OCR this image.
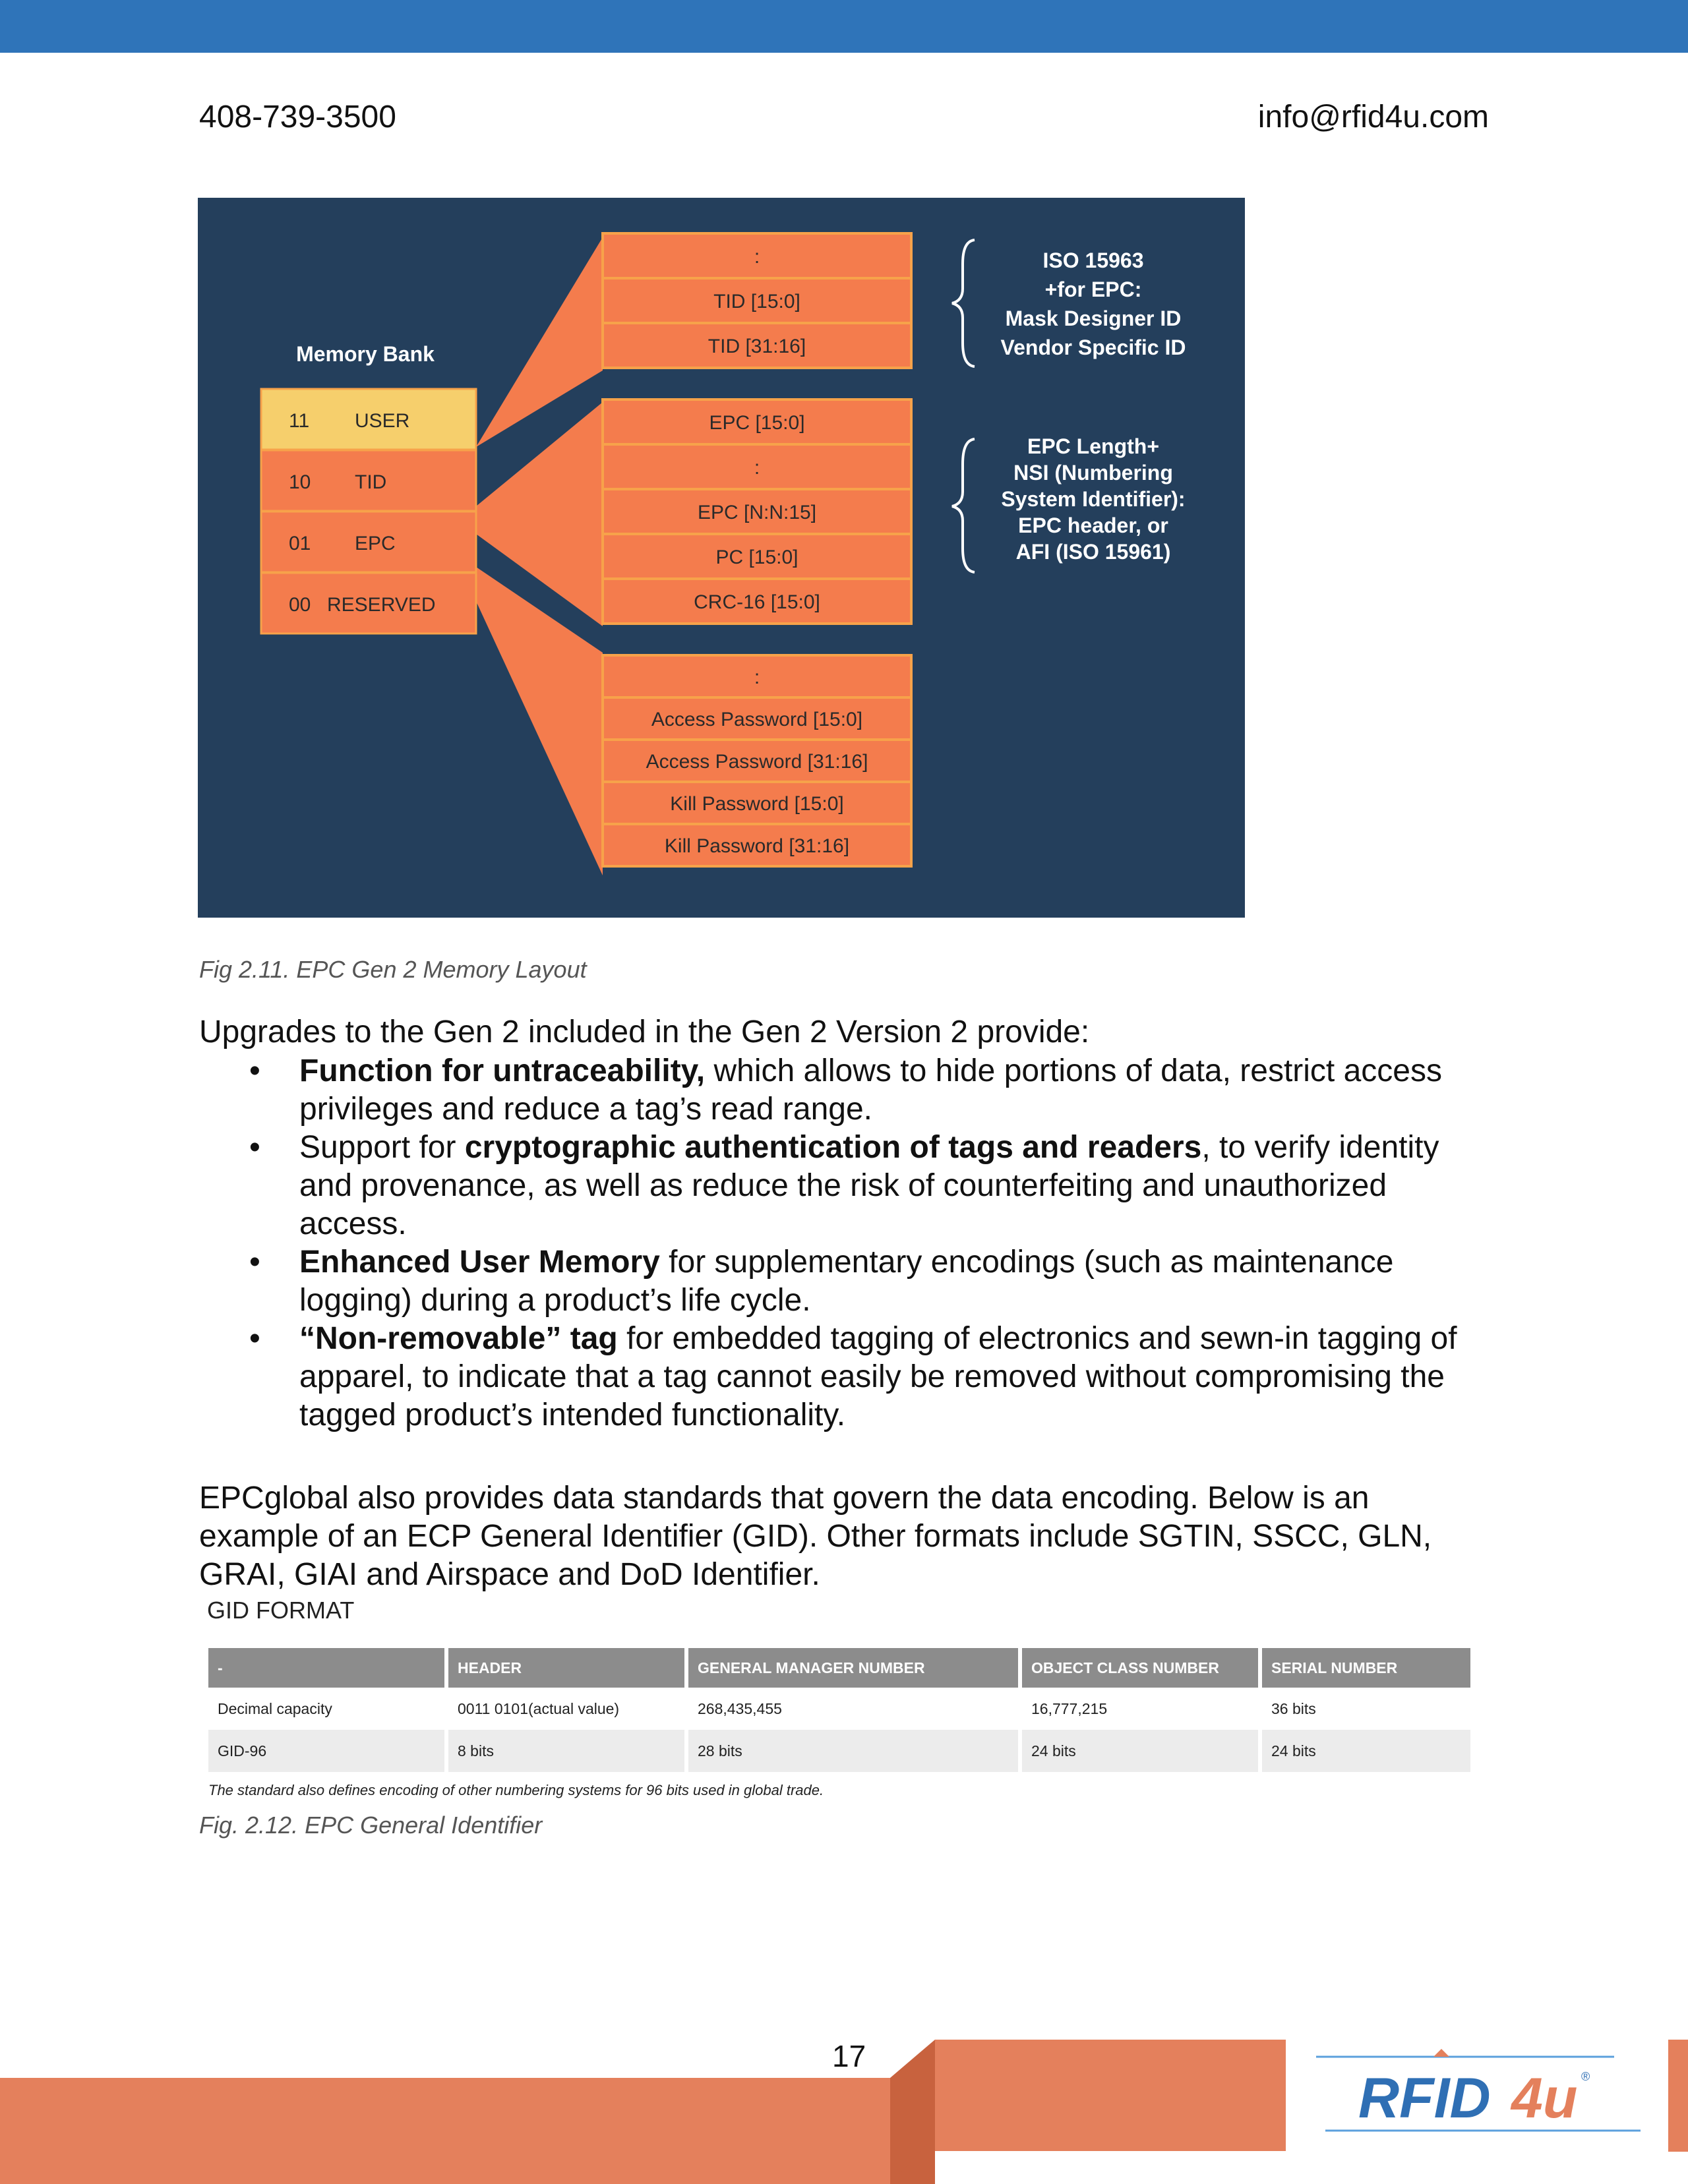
408-739-3500	info@rfid4u.com
Memory Bank
11 USER
10 TID
01 EPC
00 RESERVED
:
TID [15:0]
TID [31:16]
EPC [15:0]
:
EPC [N:N:15]
PC [15:0]
CRC-16 [15:0]
:
Access Password [15:0]
Access Password [31:16]
Kill Password [15:0]
Kill Password [31:16]
ISO 15963
+for EPC:
Mask Designer ID
Vendor Specific ID
EPC Length+
NSI (Numbering
System Identifier):
EPC header, or
AFI (ISO 15961)
Fig 2.11. EPC Gen 2 Memory Layout
Upgrades to the Gen 2 included in the Gen 2 Version 2 provide:
• Function for untraceability, which allows to hide portions of data, restrict access privileges and reduce a tag’s read range.
• Support for cryptographic authentication of tags and readers, to verify identity and provenance, as well as reduce the risk of counterfeiting and unauthorized access.
• Enhanced User Memory for supplementary encodings (such as maintenance logging) during a product’s life cycle.
• “Non-removable” tag for embedded tagging of electronics and sewn-in tagging of apparel, to indicate that a tag cannot easily be removed without compromising the tagged product’s intended functionality.
EPCglobal also provides data standards that govern the data encoding. Below is an example of an ECP General Identifier (GID). Other formats include SGTIN, SSCC, GLN, GRAI, GIAI and Airspace and DoD Identifier.
GID FORMAT
-	HEADER	GENERAL MANAGER NUMBER	OBJECT CLASS NUMBER	SERIAL NUMBER
Decimal capacity	0011 0101(actual value)	268,435,455	16,777,215	36 bits
GID-96	8 bits	28 bits	24 bits	24 bits
The standard also defines encoding of other numbering systems for 96 bits used in global trade.
Fig. 2.12. EPC General Identifier
RFID 4u ®
17
